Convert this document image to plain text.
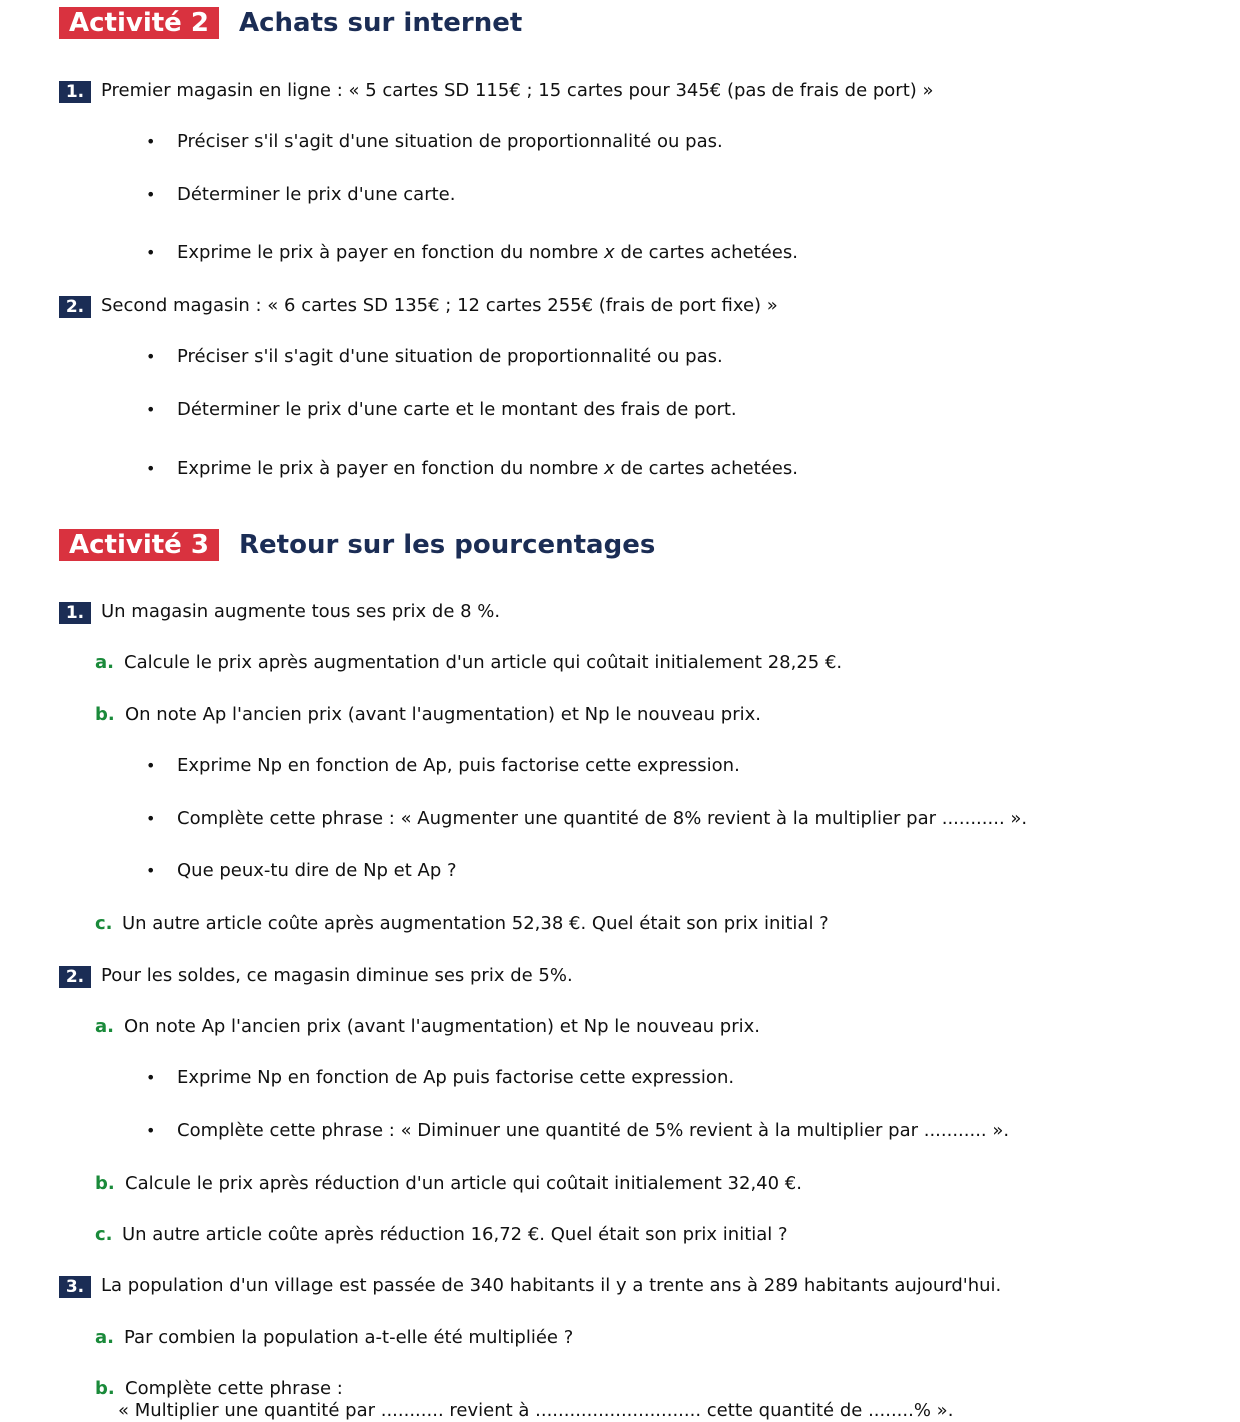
Activité 2	Achats sur internet
1. Premier magasin en ligne : « 5 cartes SD 115€ ; 15 cartes pour 345€ (pas de frais de port) »
• Préciser s'il s'agit d'une situation de proportionnalité ou pas.
• Déterminer le prix d'une carte.
• Exprime le prix à payer en fonction du nombre x de cartes achetées.
2. Second magasin : « 6 cartes SD 135€ ; 12 cartes 255€ (frais de port fixe) »
• Préciser s'il s'agit d'une situation de proportionnalité ou pas.
• Déterminer le prix d'une carte et le montant des frais de port.
• Exprime le prix à payer en fonction du nombre x de cartes achetées.
Activité 3	Retour sur les pourcentages
1. Un magasin augmente tous ses prix de 8 %.
a. Calcule le prix après augmentation d'un article qui coûtait initialement 28,25 €.
b. On note Ap l'ancien prix (avant l'augmentation) et Np le nouveau prix.
• Exprime Np en fonction de Ap, puis factorise cette expression.
• Complète cette phrase : « Augmenter une quantité de 8% revient à la multiplier par ........... ».
• Que peux-tu dire de Np et Ap ?
c. Un autre article coûte après augmentation 52,38 €. Quel était son prix initial ?
2. Pour les soldes, ce magasin diminue ses prix de 5%.
a. On note Ap l'ancien prix (avant l'augmentation) et Np le nouveau prix.
• Exprime Np en fonction de Ap puis factorise cette expression.
• Complète cette phrase : « Diminuer une quantité de 5% revient à la multiplier par ........... ».
b. Calcule le prix après réduction d'un article qui coûtait initialement 32,40 €.
c. Un autre article coûte après réduction 16,72 €. Quel était son prix initial ?
3. La population d'un village est passée de 340 habitants il y a trente ans à 289 habitants aujourd'hui.
a. Par combien la population a-t-elle été multipliée ?
b. Complète cette phrase :
« Multiplier une quantité par ........... revient à ............................. cette quantité de ........% ».
